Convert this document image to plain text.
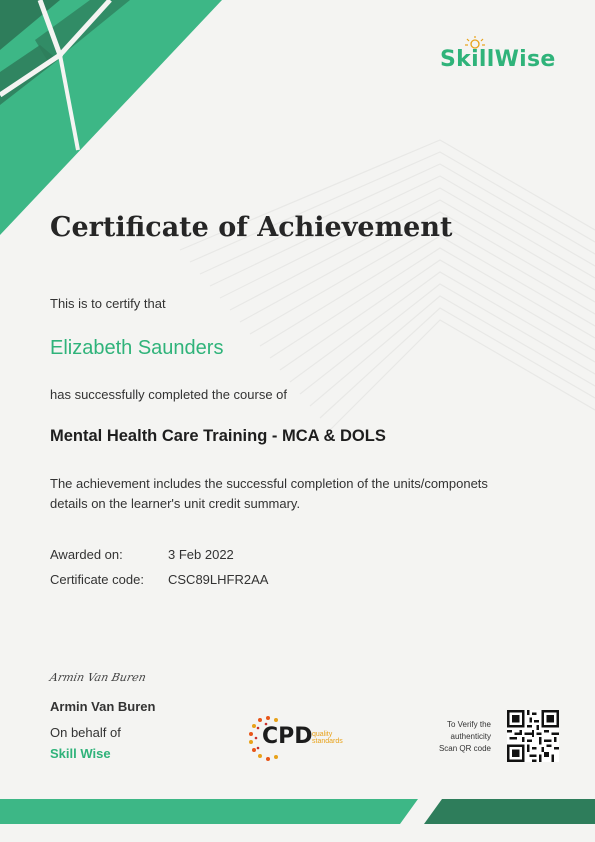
SkillWise
Certificate of Achievement
This is to certify that
Elizabeth Saunders
has successfully completed the course of
Mental Health Care Training - MCA & DOLS
The achievement includes the successful completion of the units/componets
details on the learner's unit credit summary.
Awarded on:	3 Feb 2022
Certificate code: CSC89LHFR2AA
Armin Van Buren
Armin Van Buren
On behalf of
Skill Wise
CPD quality
standards
To Verify the
authenticity
Scan QR code
